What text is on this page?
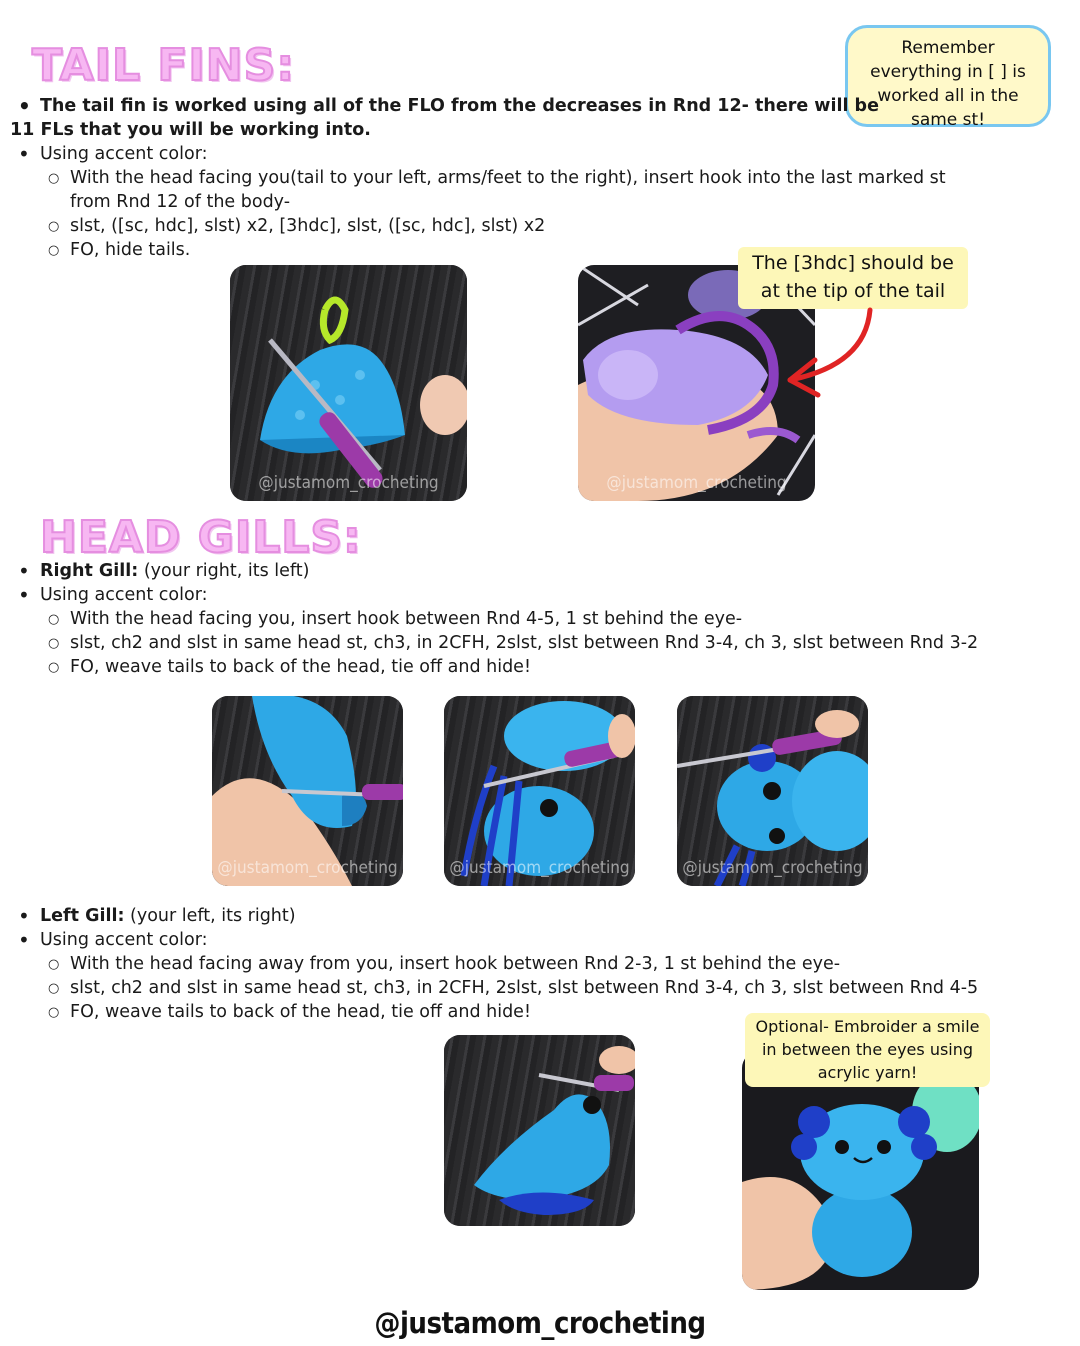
TAIL FINS:	Remember everything in [ ] is worked all in the same st!
• The tail fin is worked using all of the FLO from the decreases in Rnd 12- there will be
11 FLs that you will be working into.
• Using accent color:
○ With the head facing you(tail to your left, arms/feet to the right), insert hook into the last marked st
from Rnd 12 of the body-
○ slst, ([sc, hdc], slst) x2, [3hdc], slst, ([sc, hdc], slst) x2
○ FO, hide tails.
@justamom_crocheting	@justamom_crocheting
The [3hdc] should be at the tip of the tail
HEAD GILLS:
• Right Gill: (your right, its left)
• Using accent color:
○ With the head facing you, insert hook between Rnd 4-5, 1 st behind the eye-
○ slst, ch2 and slst in same head st, ch3, in 2CFH, 2slst, slst between Rnd 3-4, ch 3, slst between Rnd 3-2
○ FO, weave tails to back of the head, tie off and hide!
@justamom_crocheting	@justamom_crocheting	@justamom_crocheting
• Left Gill: (your left, its right)
• Using accent color:
○ With the head facing away from you, insert hook between Rnd 2-3, 1 st behind the eye-
○ slst, ch2 and slst in same head st, ch3, in 2CFH, 2slst, slst between Rnd 3-4, ch 3, slst between Rnd 4-5
○ FO, weave tails to back of the head, tie off and hide!
Optional- Embroider a smile in between the eyes using acrylic yarn!
@justamom_crocheting
